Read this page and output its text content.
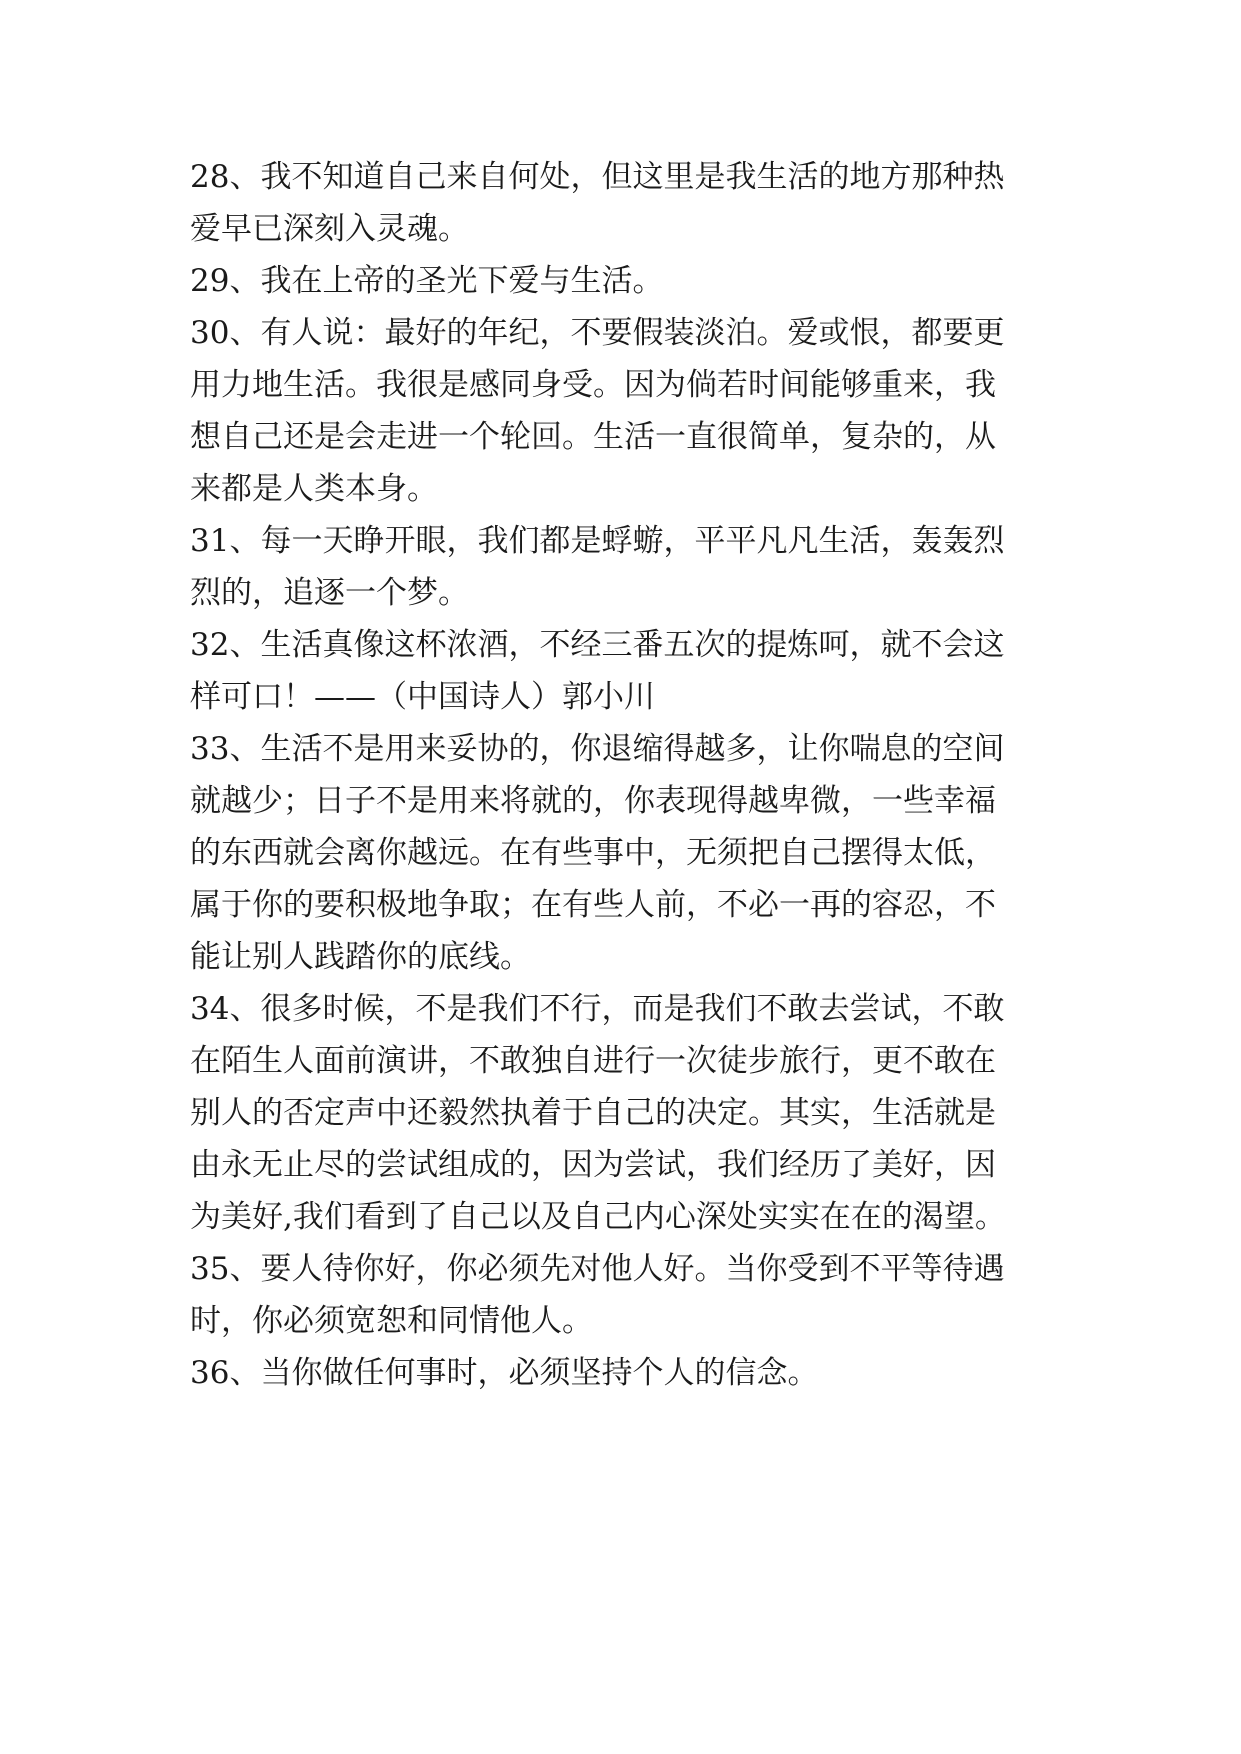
28、我不知道自己来自何处，但这里是我生活的地方那种热
爱早已深刻入灵魂。
29、我在上帝的圣光下爱与生活。
30、有人说：最好的年纪，不要假装淡泊。爱或恨，都要更
用力地生活。我很是感同身受。因为倘若时间能够重来，我
想自己还是会走进一个轮回。生活一直很简单，复杂的，从
来都是人类本身。
31、每一天睁开眼，我们都是蜉蝣，平平凡凡生活，轰轰烈
烈的，追逐一个梦。
32、生活真像这杯浓酒，不经三番五次的提炼呵，就不会这
样可口！——（中国诗人）郭小川
33、生活不是用来妥协的，你退缩得越多，让你喘息的空间
就越少；日子不是用来将就的，你表现得越卑微，一些幸福
的东西就会离你越远。在有些事中，无须把自己摆得太低，
属于你的要积极地争取；在有些人前，不必一再的容忍，不
能让别人践踏你的底线。
34、很多时候，不是我们不行，而是我们不敢去尝试，不敢
在陌生人面前演讲，不敢独自进行一次徒步旅行，更不敢在
别人的否定声中还毅然执着于自己的决定。其实，生活就是
由永无止尽的尝试组成的，因为尝试，我们经历了美好，因
为美好,我们看到了自己以及自己内心深处实实在在的渴望。
35、要人待你好，你必须先对他人好。当你受到不平等待遇
时，你必须宽恕和同情他人。
36、当你做任何事时，必须坚持个人的信念。
